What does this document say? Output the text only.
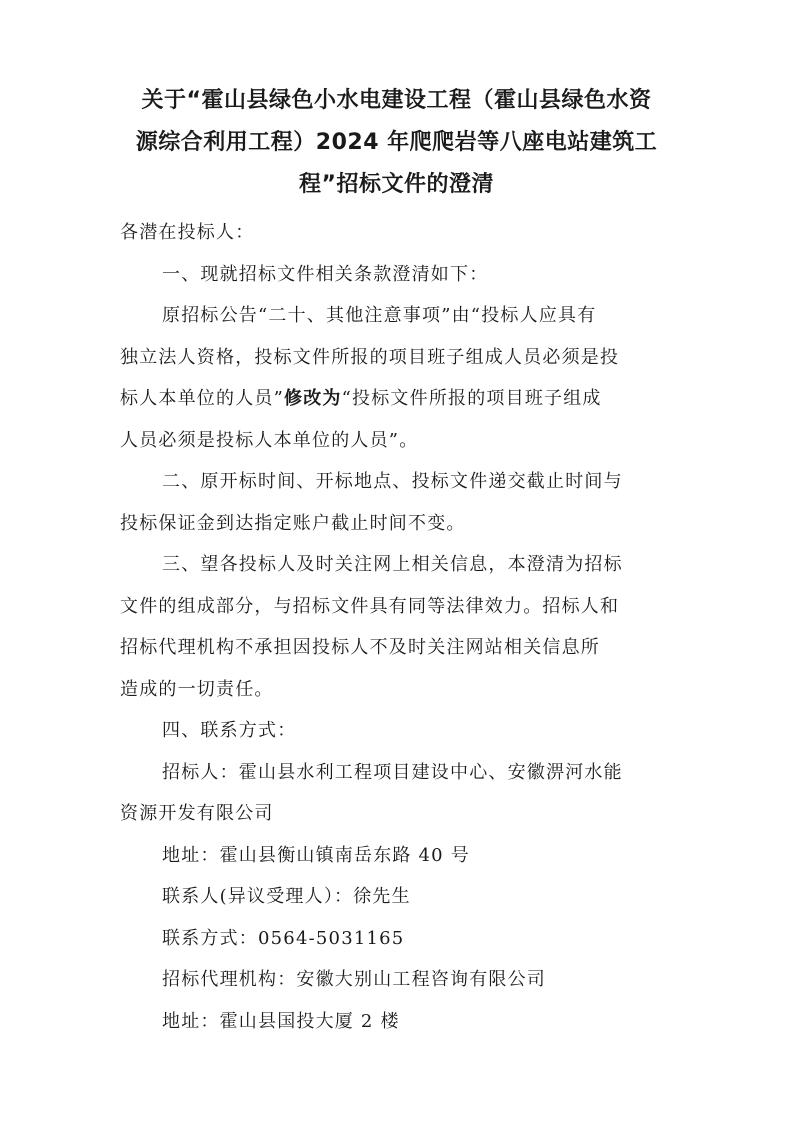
关于“霍山县绿色小水电建设工程（霍山县绿色水资
源综合利用工程）2024 年爬爬岩等八座电站建筑工
程”招标文件的澄清

各潜在投标人：

一、现就招标文件相关条款澄清如下：

原招标公告“二十、其他注意事项”由“投标人应具有

独立法人资格，投标文件所报的项目班子组成人员必须是投

标人本单位的人员”修改为“投标文件所报的项目班子组成

人员必须是投标人本单位的人员”。

二、原开标时间、开标地点、投标文件递交截止时间与

投标保证金到达指定账户截止时间不变。

三、望各投标人及时关注网上相关信息，本澄清为招标

文件的组成部分，与招标文件具有同等法律效力。招标人和

招标代理机构不承担因投标人不及时关注网站相关信息所

造成的一切责任。

四、联系方式：

招标人：霍山县水利工程项目建设中心、安徽淠河水能

资源开发有限公司

地址：霍山县衡山镇南岳东路 40 号

联系人(异议受理人）：徐先生

联系方式：0564-5031165

招标代理机构：安徽大别山工程咨询有限公司

地址：霍山县国投大厦 2 楼
